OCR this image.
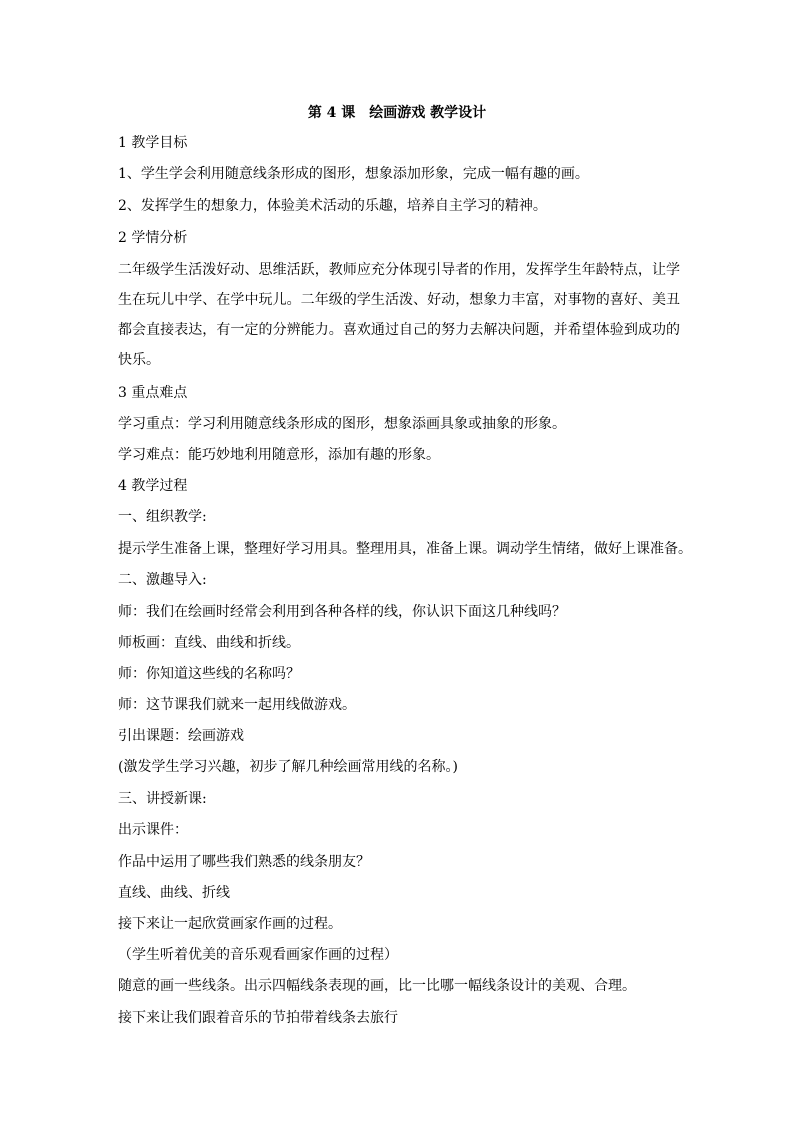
第 4 课　绘画游戏 教学设计
1 教学目标
1、学生学会利用随意线条形成的图形，想象添加形象，完成一幅有趣的画。
2、发挥学生的想象力，体验美术活动的乐趣，培养自主学习的精神。
2 学情分析
二年级学生活泼好动、思维活跃，教师应充分体现引导者的作用，发挥学生年龄特点，让学生在玩儿中学、在学中玩儿。二年级的学生活泼、好动，想象力丰富，对事物的喜好、美丑都会直接表达，有一定的分辨能力。喜欢通过自己的努力去解决问题，并希望体验到成功的快乐。
3 重点难点
学习重点：学习利用随意线条形成的图形，想象添画具象或抽象的形象。
学习难点：能巧妙地利用随意形，添加有趣的形象。
4 教学过程
一、组织教学:
提示学生准备上课，整理好学习用具。整理用具，准备上课。调动学生情绪，做好上课准备。
二、激趣导入:
师：我们在绘画时经常会利用到各种各样的线，你认识下面这几种线吗？
师板画：直线、曲线和折线。
师：你知道这些线的名称吗？
师：这节课我们就来一起用线做游戏。
引出课题：绘画游戏
(激发学生学习兴趣，初步了解几种绘画常用线的名称。)
三、讲授新课:
出示课件：
作品中运用了哪些我们熟悉的线条朋友？
直线、曲线、折线
接下来让一起欣赏画家作画的过程。
（学生听着优美的音乐观看画家作画的过程）
随意的画一些线条。出示四幅线条表现的画，比一比哪一幅线条设计的美观、合理。
接下来让我们跟着音乐的节拍带着线条去旅行
